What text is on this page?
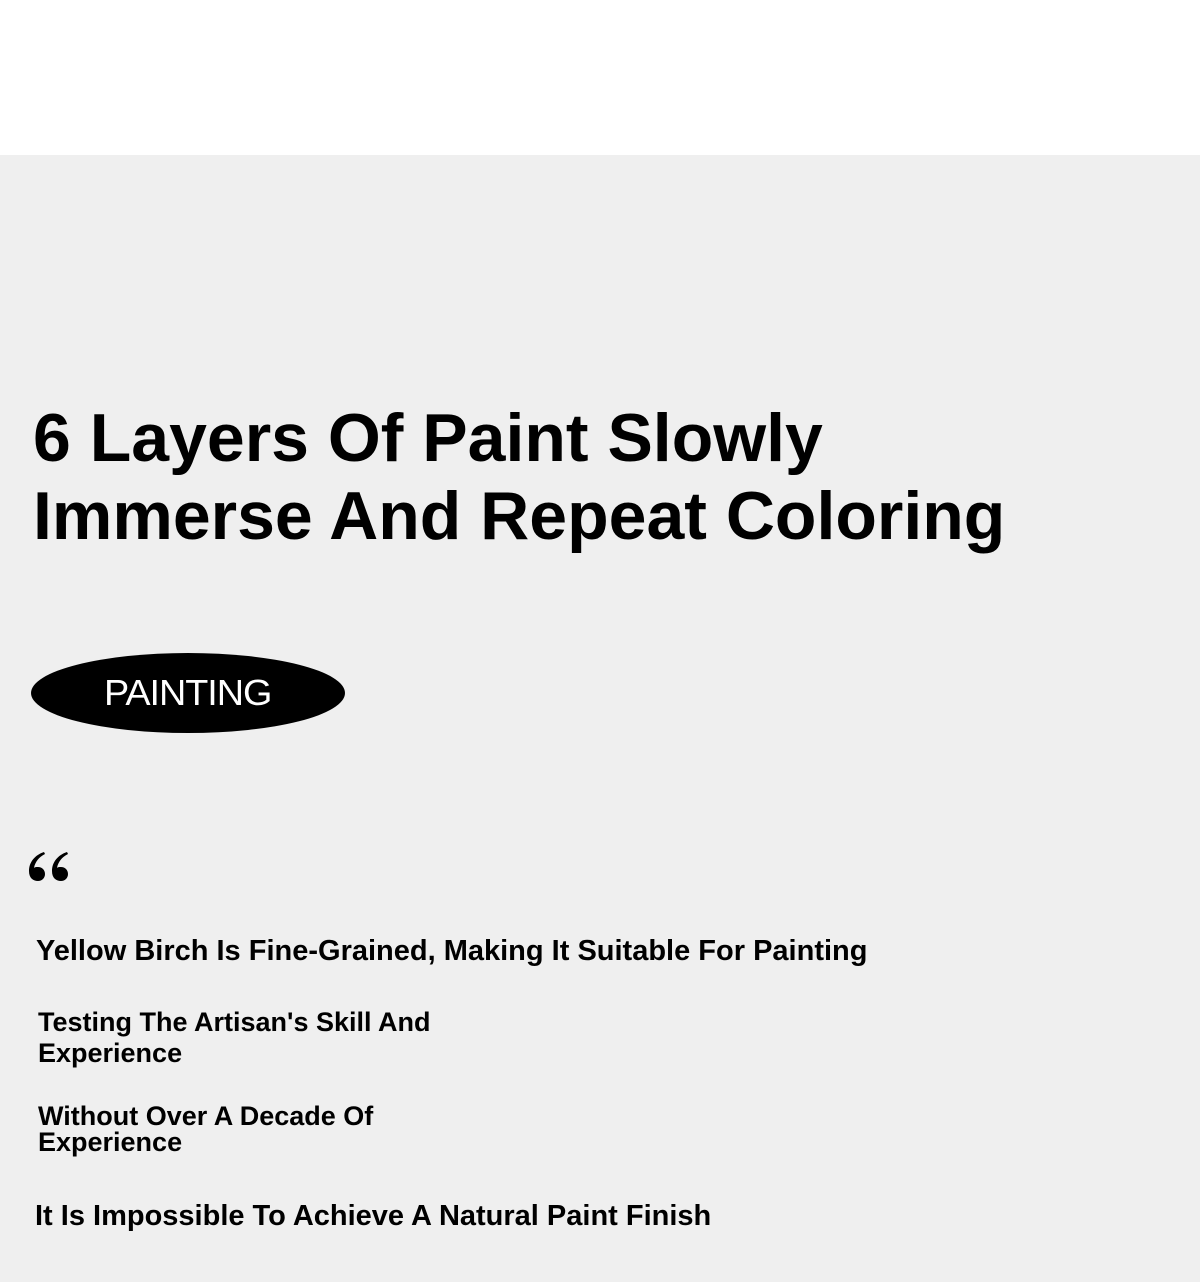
6 Layers Of Paint Slowly
Immerse And Repeat Coloring
PAINTING

Yellow Birch Is Fine-Grained, Making It Suitable For Painting

Testing The Artisan's Skill And Experience

Without Over A Decade Of Experience

It Is Impossible To Achieve A Natural Paint Finish
